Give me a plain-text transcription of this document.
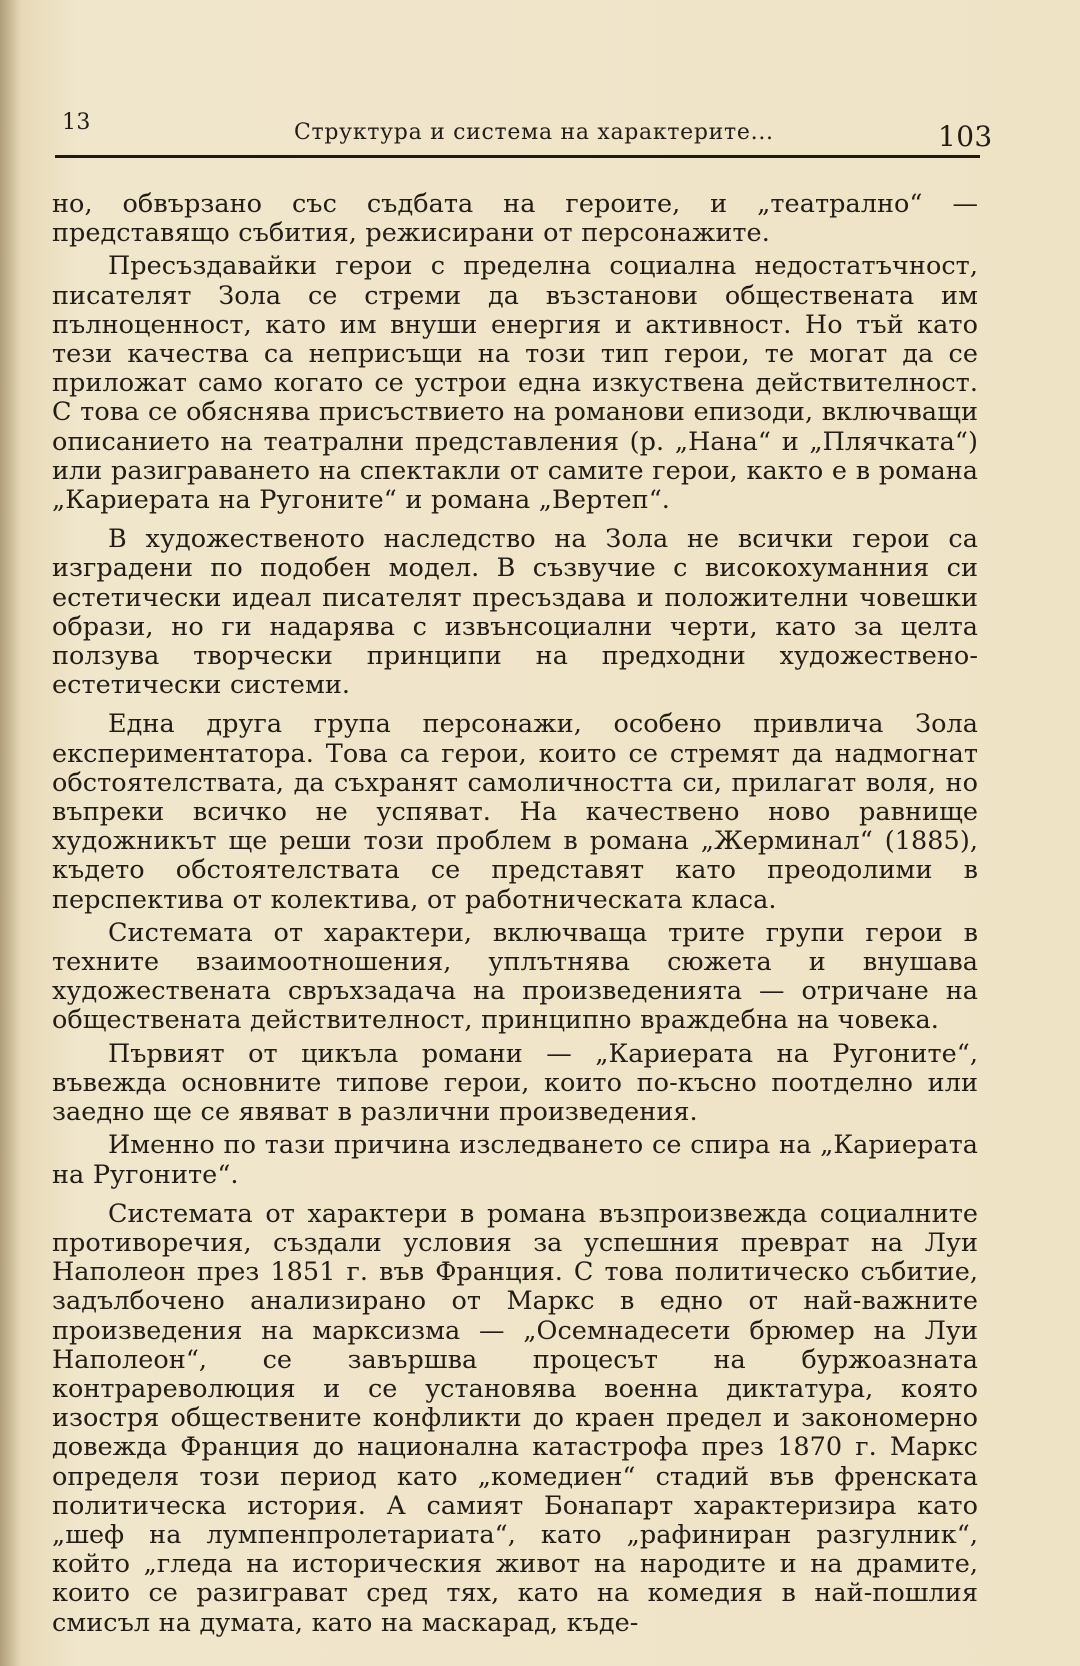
13	Структура и система на характерите...	103

но, обвързано със съдбата на героите, и „театрално“ — представящо събития, режисирани от персонажите.

Пресъздавайки герои с пределна социална недостатъчност, писателят Зола се стреми да възстанови обществената им пълноценност, като им внуши енергия и активност. Но тъй като тези качества са неприсъщи на този тип герои, те могат да се приложат само когато се устрои една изкуствена действителност. С това се обяснява присъствието на романови епизоди, включващи описанието на театрални представления (р. „Нана“ и „Плячката“) или разиграването на спектакли от самите герои, както е в романа „Кариерата на Ругоните“ и романа „Вертеп“.

В художественото наследство на Зола не всички герои са изградени по подобен модел. В съзвучие с високохуманния си естетически идеал писателят пресъздава и положителни човешки образи, но ги надарява с извънсоциални черти, като за целта ползува творчески принципи на предходни художествено-естетически системи.

Една друга група персонажи, особено привлича Зола експериментатора. Това са герои, които се стремят да надмогнат обстоятелствата, да съхранят самоличността си, прилагат воля, но въпреки всичко не успяват. На качествено ново равнище художникът ще реши този проблем в романа „Жерминал“ (1885), където обстоятелствата се представят като преодолими в перспектива от колектива, от работническата класа.

Системата от характери, включваща трите групи герои в техните взаимоотношения, уплътнява сюжета и внушава художествената свръхзадача на произведенията — отричане на обществената действителност, принципно враждебна на човека.

Първият от цикъла романи — „Кариерата на Ругоните“, въвежда основните типове герои, които по-късно поотделно или заедно ще се явяват в различни произведения.

Именно по тази причина изследването се спира на „Кариерата на Ругоните“.

Системата от характери в романа възпроизвежда социалните противоречия, създали условия за успешния преврат на Луи Наполеон през 1851 г. във Франция. С това политическо събитие, задълбочено анализирано от Маркс в едно от най-важните произведения на марксизма — „Осемнадесети брюмер на Луи Наполеон“, се завършва процесът на буржоазната контрареволюция и се установява военна диктатура, която изостря обществените конфликти до краен предел и закономерно довежда Франция до национална катастрофа през 1870 г. Маркс определя този период като „комедиен“ стадий във френската политическа история. А самият Бонапарт характеризира като „шеф на лумпенпролетариата“, като „рафиниран разгулник“, който „гледа на историческия живот на народите и на драмите, които се разиграват сред тях, като на комедия в най-пошлия смисъл на думата, като на маскарад, къде-
